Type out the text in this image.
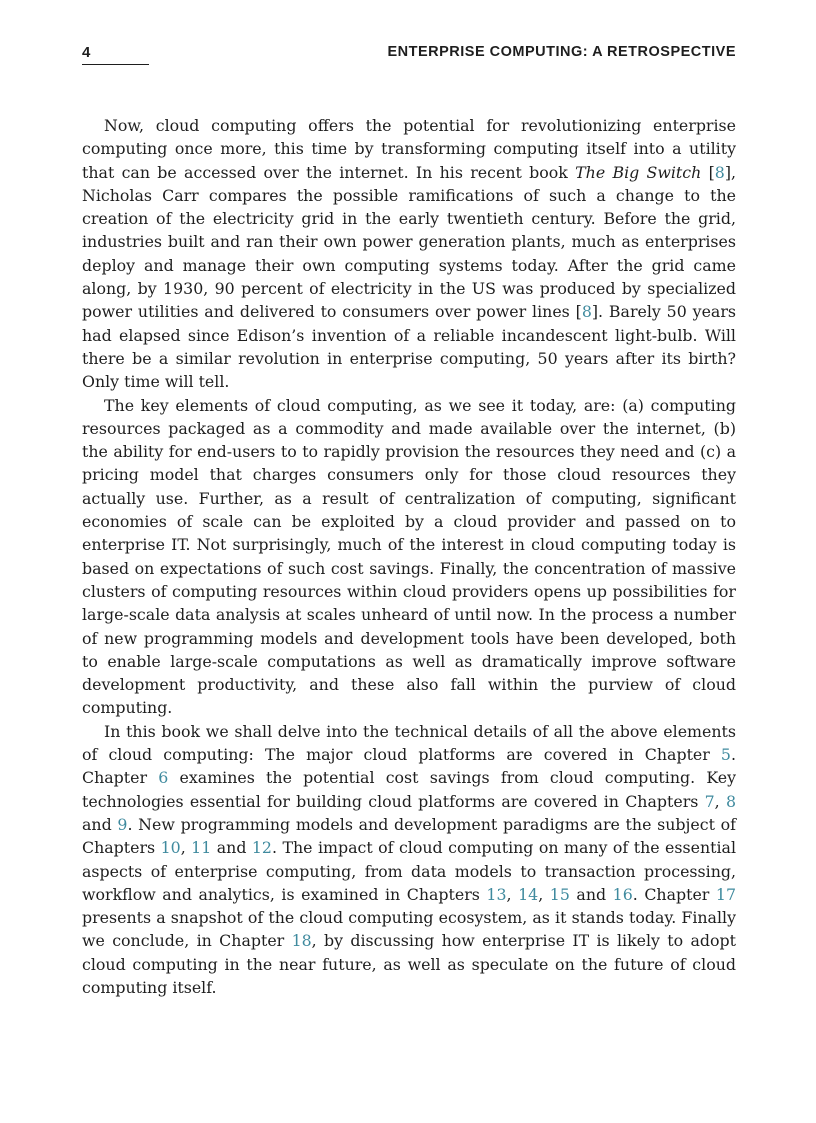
4	ENTERPRISE COMPUTING: A RETROSPECTIVE

Now, cloud computing offers the potential for revolutionizing enterprise computing once more, this time by transforming computing itself into a utility that can be accessed over the internet. In his recent book The Big Switch [8], Nicholas Carr compares the possible ramifications of such a change to the creation of the electricity grid in the early twentieth century. Before the grid, industries built and ran their own power generation plants, much as enterprises deploy and manage their own computing systems today. After the grid came along, by 1930, 90 percent of electricity in the US was produced by specialized power utilities and delivered to consumers over power lines [8]. Barely 50 years had elapsed since Edison’s invention of a reliable incandescent light-bulb. Will there be a similar revolution in enterprise computing, 50 years after its birth? Only time will tell.

The key elements of cloud computing, as we see it today, are: (a) computing resources packaged as a commodity and made available over the internet, (b) the ability for end-users to to rapidly provision the resources they need and (c) a pricing model that charges consumers only for those cloud resources they actually use. Further, as a result of centralization of computing, significant economies of scale can be exploited by a cloud provider and passed on to enterprise IT. Not surprisingly, much of the interest in cloud computing today is based on expectations of such cost savings. Finally, the concentration of massive clusters of computing resources within cloud providers opens up possibilities for large-scale data analysis at scales unheard of until now. In the process a number of new programming models and development tools have been developed, both to enable large-scale computations as well as dramatically improve software development productivity, and these also fall within the purview of cloud computing.

In this book we shall delve into the technical details of all the above elements of cloud computing: The major cloud platforms are covered in Chapter 5. Chapter 6 examines the potential cost savings from cloud computing. Key technologies essential for building cloud platforms are covered in Chapters 7, 8 and 9. New programming models and development paradigms are the subject of Chapters 10, 11 and 12. The impact of cloud computing on many of the essential aspects of enterprise computing, from data models to transaction processing, workflow and analytics, is examined in Chapters 13, 14, 15 and 16. Chapter 17 presents a snapshot of the cloud computing ecosystem, as it stands today. Finally we conclude, in Chapter 18, by discussing how enterprise IT is likely to adopt cloud computing in the near future, as well as speculate on the future of cloud computing itself.
